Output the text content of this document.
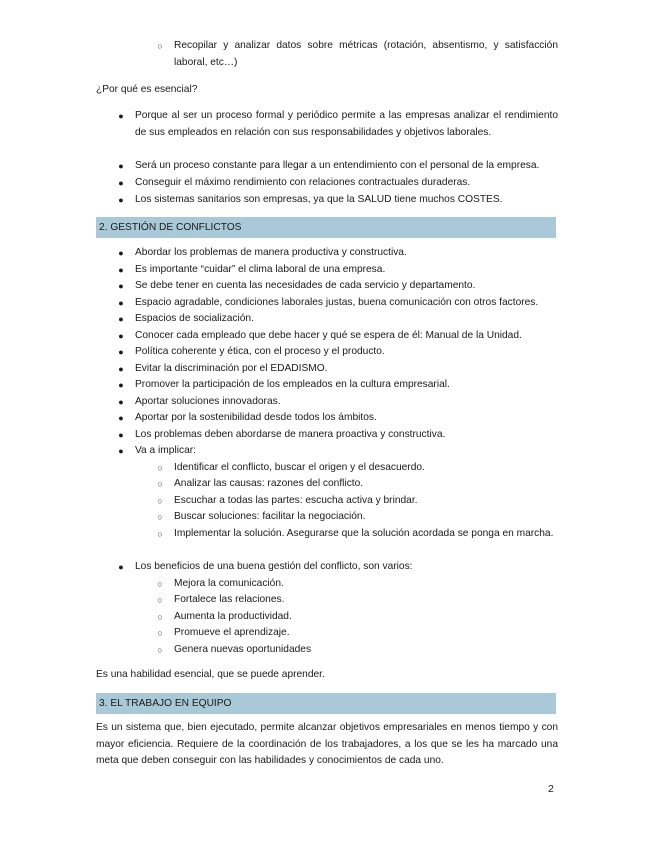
○ Recopilar y analizar datos sobre métricas (rotación, absentismo, y satisfacción laboral, etc…)
¿Por qué es esencial?
● Porque al ser un proceso formal y periódico permite a las empresas analizar el rendimiento de sus empleados en relación con sus responsabilidades y objetivos laborales.
● Será un proceso constante para llegar a un entendimiento con el personal de la empresa.
● Conseguir el máximo rendimiento con relaciones contractuales duraderas.
● Los sistemas sanitarios son empresas, ya que la SALUD tiene muchos COSTES.
2. GESTIÓN DE CONFLICTOS
● Abordar los problemas de manera productiva y constructiva.
● Es importante “cuidar” el clima laboral de una empresa.
● Se debe tener en cuenta las necesidades de cada servicio y departamento.
● Espacio agradable, condiciones laborales justas, buena comunicación con otros factores.
● Espacios de socialización.
● Conocer cada empleado que debe hacer y qué se espera de él: Manual de la Unidad.
● Política coherente y ética, con el proceso y el producto.
● Evitar la discriminación por el EDADISMO.
● Promover la participación de los empleados en la cultura empresarial.
● Aportar soluciones innovadoras.
● Aportar por la sostenibilidad desde todos los ámbitos.
● Los problemas deben abordarse de manera proactiva y constructiva.
● Va a implicar:
○ Identificar el conflicto, buscar el origen y el desacuerdo.
○ Analizar las causas: razones del conflicto.
○ Escuchar a todas las partes: escucha activa y brindar.
○ Buscar soluciones: facilitar la negociación.
○ Implementar la solución. Asegurarse que la solución acordada se ponga en marcha.
● Los beneficios de una buena gestión del conflicto, son varios:
○ Mejora la comunicación.
○ Fortalece las relaciones.
○ Aumenta la productividad.
○ Promueve el aprendizaje.
○ Genera nuevas oportunidades
Es una habilidad esencial, que se puede aprender.
3. EL TRABAJO EN EQUIPO
Es un sistema que, bien ejecutado, permite alcanzar objetivos empresariales en menos tiempo y con mayor eficiencia. Requiere de la coordinación de los trabajadores, a los que se les ha marcado una meta que deben conseguir con las habilidades y conocimientos de cada uno.
2
